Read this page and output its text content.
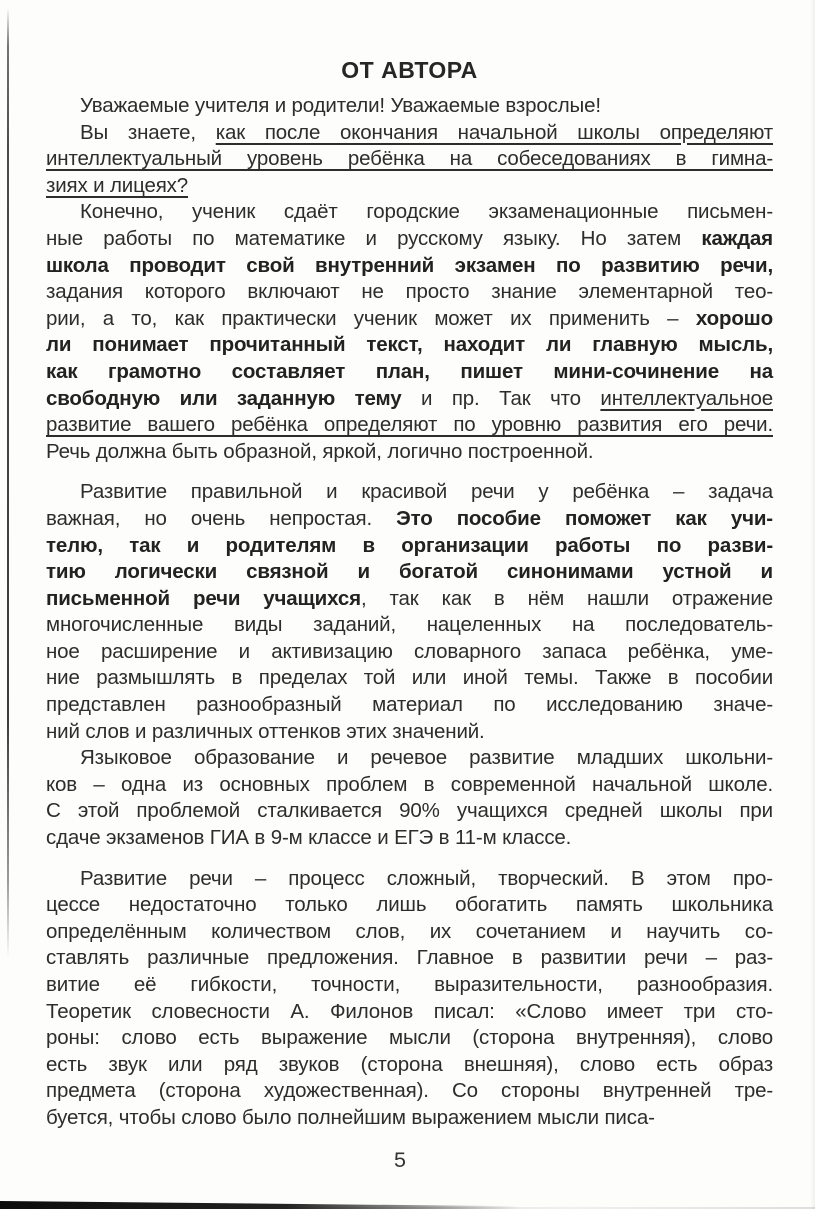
ОТ АВТОРА
Уважаемые учителя и родители! Уважаемые взрослые!
Вы знаете, как после окончания начальной школы определяют
интеллектуальный уровень ребёнка на собеседованиях в гимна-
зиях и лицеях?
Конечно, ученик сдаёт городские экзаменационные письмен-
ные работы по математике и русскому языку. Но затем каждая
школа проводит свой внутренний экзамен по развитию речи,
задания которого включают не просто знание элементарной тео-
рии, а то, как практически ученик может их применить – хорошо
ли понимает прочитанный текст, находит ли главную мысль,
как грамотно составляет план, пишет мини-сочинение на
свободную или заданную тему и пр. Так что интеллектуальное
развитие вашего ребёнка определяют по уровню развития его речи.
Речь должна быть образной, яркой, логично построенной.
Развитие правильной и красивой речи у ребёнка – задача
важная, но очень непростая. Это пособие поможет как учи-
телю, так и родителям в организации работы по разви-
тию логически связной и богатой синонимами устной и
письменной речи учащихся, так как в нём нашли отражение
многочисленные виды заданий, нацеленных на последователь-
ное расширение и активизацию словарного запаса ребёнка, уме-
ние размышлять в пределах той или иной темы. Также в пособии
представлен разнообразный материал по исследованию значе-
ний слов и различных оттенков этих значений.
Языковое образование и речевое развитие младших школьни-
ков – одна из основных проблем в современной начальной школе.
С этой проблемой сталкивается 90% учащихся средней школы при
сдаче экзаменов ГИА в 9-м классе и ЕГЭ в 11-м классе.
Развитие речи – процесс сложный, творческий. В этом про-
цессе недостаточно только лишь обогатить память школьника
определённым количеством слов, их сочетанием и научить со-
ставлять различные предложения. Главное в развитии речи – раз-
витие её гибкости, точности, выразительности, разнообразия.
Теоретик словесности А. Филонов писал: «Слово имеет три сто-
роны: слово есть выражение мысли (сторона внутренняя), слово
есть звук или ряд звуков (сторона внешняя), слово есть образ
предмета (сторона художественная). Со стороны внутренней тре-
буется, чтобы слово было полнейшим выражением мысли писа-
5
